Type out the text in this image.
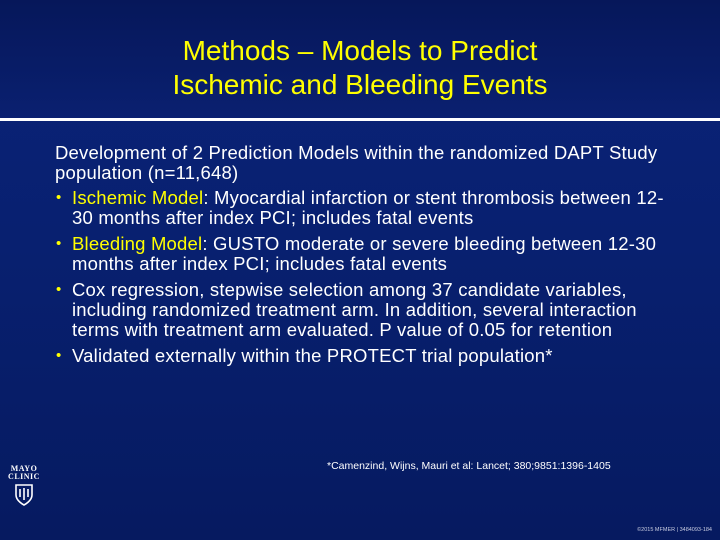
Methods – Models to Predict
Ischemic and Bleeding Events

Development of 2 Prediction Models within the randomized DAPT Study population (n=11,648)

• Ischemic Model: Myocardial infarction or stent thrombosis between 12-30 months after index PCI; includes fatal events
• Bleeding Model: GUSTO moderate or severe bleeding between 12-30 months after index PCI; includes fatal events
• Cox regression, stepwise selection among 37 candidate variables, including randomized treatment arm. In addition, several interaction terms with treatment arm evaluated. P value of 0.05 for retention
• Validated externally within the PROTECT trial population*
*Camenzind, Wijns, Mauri et al: Lancet; 380;9851:1396-1405
MAYO
CLINIC
©2015 MFMER | 3484093-184
